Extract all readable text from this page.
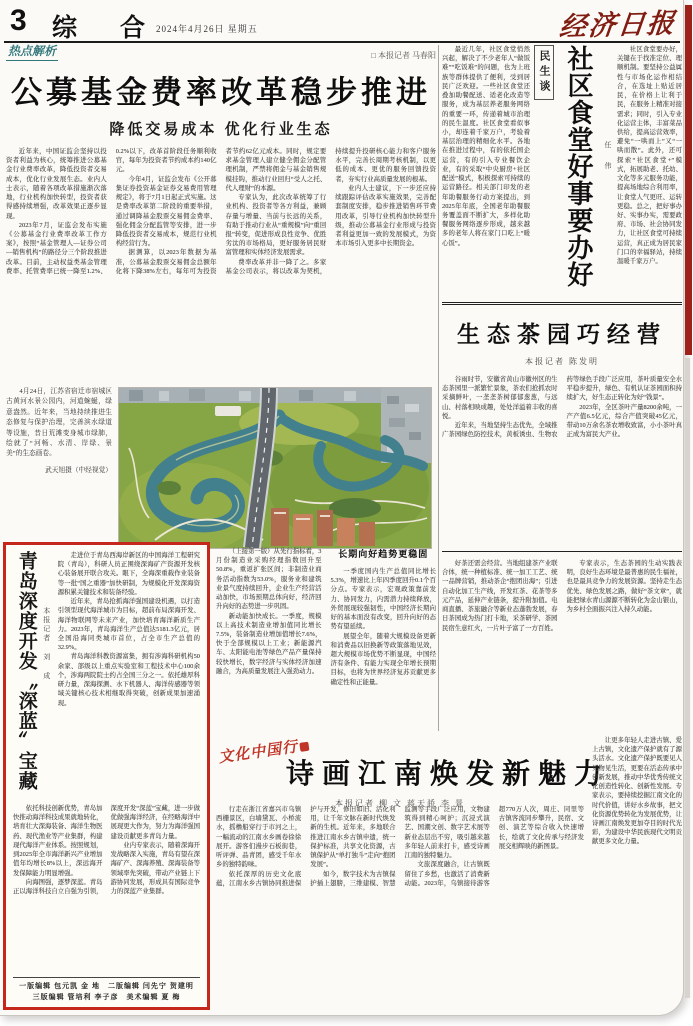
3 综 合
2024年4月26日 星期五	经济日报
热点解析	□ 本报记者 马春阳
公募基金费率改革稳步推进
降低交易成本 优化行业生态

近年来，中国证监会坚持以投资者利益为核心，统筹推进公募基金行业费率改革，降低投资者交易成本，优化行业发展生态。业内人士表示，随着各项改革措施渐次落地，行业机构加快转型，投资者获得感持续增强，改革效果正逐步显现。

2023年7月，证监会发布实施《公募基金行业费率改革工作方案》，按照“基金管理人—证券公司—销售机构”的路径分三个阶段推进改革。目前，主动权益类基金管理费率、托管费率已统一降至1.2%、0.2%以下，改革首阶段任务顺利收官，每年为投资者节约成本约140亿元。

今年4月，证监会发布《公开募集证券投资基金证券交易费用管理规定》，将于7月1日起正式实施。这是费率改革第二阶段的重要举措，通过调降基金股票交易佣金费率、强化佣金分配监管等安排，进一步降低投资者交易成本，规范行业机构经营行为。

据测算，以2023年数据为基准，公募基金股票交易佣金总额年化将下降38%左右，每年可为投资者节约62亿元成本。同时，规定要求基金管理人建立健全佣金分配管理机制，严禁将佣金与基金销售规模挂钩，推动行业回归“受人之托、代人理财”的本源。

专家认为，此次改革统筹了行业机构、投资者等各方利益，兼顾存量与增量、当前与长远的关系，有助于推动行业从“重规模”向“重回报”转变，促进形成良性竞争、优胜劣汰的市场格局，更好服务居民财富管理和实体经济发展需求。

费率改革并非一降了之。多家基金公司表示，将以改革为契机，持续提升投研核心能力和客户服务水平，完善长周期考核机制，以更低的成本、更优的服务回馈投资者，夯实行业高质量发展的根基。

业内人士建议，下一步还应持续跟踪评估改革实施效果，完善配套制度安排，稳步推进销售环节费用改革，引导行业机构加快转型升级，推动公募基金行业形成与投资者利益更加一致的发展模式，为资本市场引入更多中长期资金。

4月24日，江苏省宿迁市宿城区古黄河水景公园内，河道蜿蜒，绿意盎然。近年来，当地持续推进生态修复与保护治理，完善滨水绿道等设施，昔日荒滩变身城市绿肺，绘就了“河畅、水清、岸绿、景美”的生态画卷。
武天旭摄（中经视觉）
青岛深度开发〝深蓝〞宝藏 本报记者 刘 成

走进位于青岛西海岸新区的中国海洋工程研究院（青岛），科研人员正围绕深海矿产资源开发核心装备展开联合攻关。眼下，全海深重载作业装备等一批“国之重器”加快研制，为规模化开发深海资源积累关键技术和装备经验。

近年来，青岛抢抓海洋强国建设机遇，以打造引领型现代海洋城市为目标，超前布局深海开发、海洋物联网等未来产业，加快培育海洋新质生产力。2023年，青岛海洋生产总值达5181.3亿元，居全国沿海同类城市首位，占全市生产总值的32.9%。

青岛海洋科教资源富集，拥有涉海科研机构50余家、部级以上重点实验室和工程技术中心100余个，涉海两院院士约占全国三分之一。依托雄厚科研力量，深海探测、水下机器人、海洋传感器等领域关键核心技术相继取得突破，创新成果加速涌现。

依托科技创新优势，青岛加快推动海洋科技成果就地转化，培育壮大深海装备、海洋生物医药、现代渔业等产业集群，构建现代海洋产业体系。按照规划，到2025年全市海洋新兴产业增加值年均增长8%以上，深远海开发保障能力明显增强。

向海图强，逐梦深蓝。青岛正以海洋科技自立自强为引领，深度开发“深蓝”宝藏，进一步做优做强海洋经济，在经略海洋中展现更大作为，努力为海洋强国建设贡献更多青岛力量。

业内专家表示，随着深海开发战略深入实施，青岛有望在深海矿产、深海养殖、深海装备等领域率先突破，带动产业链上下游协同发展，形成具有国际竞争力的深蓝产业集群。

一版编辑 包元凯 金 地　二版编辑 闫先宁 贺建明
三版编辑 管培利 李子彦　美术编辑 夏 梅

（上接第一版）从先行指标看，3月份制造业采购经理指数回升至50.8%，重返扩张区间；非制造业商务活动指数为53.0%，服务业和建筑业景气度持续回升，企业生产经营活动加快，市场预期总体向好，经济回升向好的态势进一步巩固。

新动能加快成长。一季度，规模以上高技术制造业增加值同比增长7.5%，装备制造业增加值增长7.6%，快于全部规模以上工业；新能源汽车、太阳能电池等绿色产品产量保持较快增长，数字经济与实体经济加速融合，为高质量发展注入强劲动力。

长期向好趋势更稳固

一季度国内生产总值同比增长5.3%，增速比上年四季度回升0.1个百分点。专家表示，宏观政策靠前发力、协同发力，内需潜力持续释放，外贸展现较强韧性，中国经济长期向好的基本面没有改变，回升向好的态势有望延续。

展望全年，随着大规模设备更新和消费品以旧换新等政策落地见效，超大规模市场优势不断显现，中国经济有条件、有能力实现全年增长预期目标，也将为世界经济复苏贡献更多确定性和正能量。

最近几年，社区食堂悄然兴起，解决了不少老年人“做饭难”“吃饭难”的问题，也为上班族等群体提供了便利，受到居民广泛欢迎。一些社区食堂还叠加助餐配送、适老化改造等服务，成为基层养老服务网络的重要一环，传递着城市治理的民生温度。社区食堂看似事小，却连着千家万户，考验着基层治理的精细化水平。各地在推进过程中，有的依托国企运营，有的引入专业餐饮企业，有的采取“中央厨房+社区配送”模式，积极探索可持续的运营路径。相关部门印发的老年助餐服务行动方案提出，到2025年年底，全国老年助餐服务覆盖面不断扩大，多样化助餐服务网络逐步形成，越来越多的老年人将在家门口吃上“暖心饭”。

民生谈 社区食堂好事要办好	任 伟

社区食堂要办好，关键在于找准定位、理顺机制。要坚持公益属性与市场化运作相结合，在选址上贴近居民，在价格上让利于民，在服务上精准对接需求；同时，引入专业化运营主体，丰富菜品供给，提高运营效率，避免“一哄而上”又“一哄而散”。此外，还可探索“社区食堂+”模式，拓展助老、托幼、文化等多元服务功能，提高场地综合利用率，让食堂人气更旺、运转更稳。总之，把好事办好、实事办实，需要政府、市场、社会协同发力，让社区食堂可持续运营，真正成为居民家门口的幸福驿站，持续温暖千家万户。

生态茶园巧经营
本报记者 陈发明

谷雨时节，安徽省黄山市徽州区的生态茶园里一派繁忙景象，茶农们抢抓农时采摘鲜叶，一垄垄茶树郁郁葱葱，与远山、村落相映成趣，处处洋溢着丰收的喜悦。

近年来，当地坚持生态优先，全域推广茶园绿色防控技术，黄板诱虫、生物农药等绿色手段广泛应用，茶叶质量安全水平稳步提升，绿色、有机认证茶园面积持续扩大，好生态正转化为好“钱景”。

2023年，全区茶叶产量8200余吨，一产产值6.5亿元，综合产值突破45亿元，带动10万余名茶农增收致富，小小茶叶真正成为富民大产业。

好茶还需会经营。当地组建茶产业联合体，统一种植标准、统一加工工艺、统一品牌营销，推动茶企“抱团出海”；引进自动化加工生产线，开发红茶、花茶等多元产品，延伸产业链条，提升附加值。电商直播、茶旅融合等新业态蓬勃发展，春日茶园成为热门打卡地，采茶研学、茶园民宿生意红火，一片叶子富了一方百姓。

专家表示，生态茶园的生动实践表明，良好生态环境是最普惠的民生福祉，也是最具竞争力的发展资源。坚持走生态优先、绿色发展之路，做好“茶文章”，就能把绿水青山源源不断转化为金山银山，为乡村全面振兴注入持久动能。

文化中国行
诗画江南焕发新魅力
本报记者 柳 文 蒋天骄 李 景

行走在浙江省嘉兴市乌镇西栅景区，白墙黛瓦、小桥流水，摇橹船穿行于市河之上，一幅流动的江南水乡画卷徐徐展开。游客们漫步石板街巷，听评弹、品青团，感受千年水乡的独特韵味。

依托深厚的历史文化底蕴，江南水乡古镇协同推进保护与开发，修旧如旧、活化利用，让千年文脉在新时代焕发新的生机。近年来，多地联合推进江南水乡古镇申遗，统一保护标准，共享文化资源，古镇保护从“单打独斗”走向“抱团发展”。

如今，数字技术为古镇保护插上翅膀，三维建模、智慧监测等手段广泛应用，文物建筑得到精心呵护；沉浸式演艺、国潮文创、数字艺术展等新业态层出不穷，吸引越来越多年轻人前来打卡，感受诗画江南的独特魅力。

文旅深度融合，让古镇既留住了乡愁，也激活了消费新动能。2023年，乌镇接待游客超770万人次，周庄、同里等古镇客流同步攀升，民宿、文创、演艺等综合收入快速增长，绘就了文化传承与经济发展交相辉映的新图景。

让更多年轻人走进古镇、爱上古镇，文化遗产保护就有了源头活水。文化遗产保护既要见人见物见生活，更要在活态传承中创新发展，推动中华优秀传统文化创造性转化、创新性发展。专家表示，要持续挖掘江南文化的时代价值，讲好水乡故事，把文化资源优势转化为发展优势，让诗画江南焕发更加夺目的时代光彩，为建设中华民族现代文明贡献更多文化力量。
